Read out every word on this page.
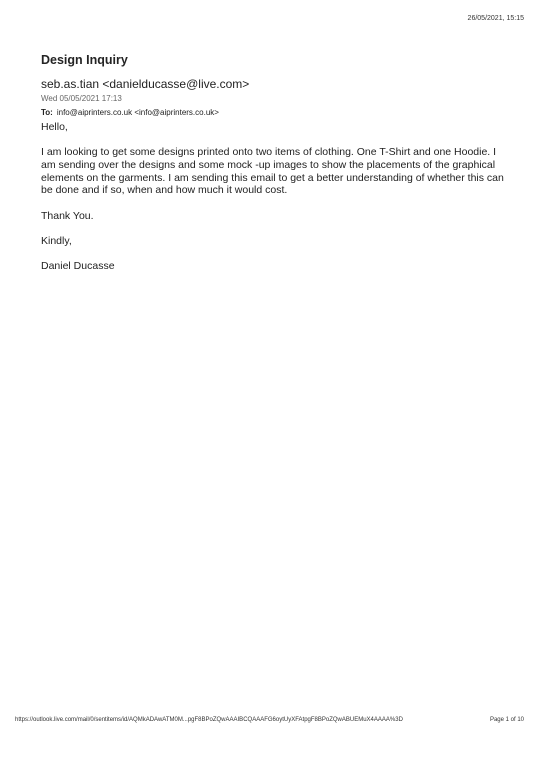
26/05/2021, 15:15
Design Inquiry
seb.as.tian <danielducasse@live.com>
Wed 05/05/2021 17:13
To: info@aiprinters.co.uk <info@aiprinters.co.uk>

Hello,

I am looking to get some designs printed onto two items of clothing. One T-Shirt and one Hoodie. I am sending over the designs and some mock -up images to show the placements of the graphical elements on the garments. I am sending this email to get a better understanding of whether this can be done and if so, when and how much it would cost.

Thank You.

Kindly,

Daniel Ducasse

https://outlook.live.com/mail/0/sentitems/id/AQMkADAwATM0M...pgF8BPoZQwAAAIBCQAAAFG6oytUyXFAtpgF8BPoZQwABUEMuX4AAAA%3D	Page 1 of 10
